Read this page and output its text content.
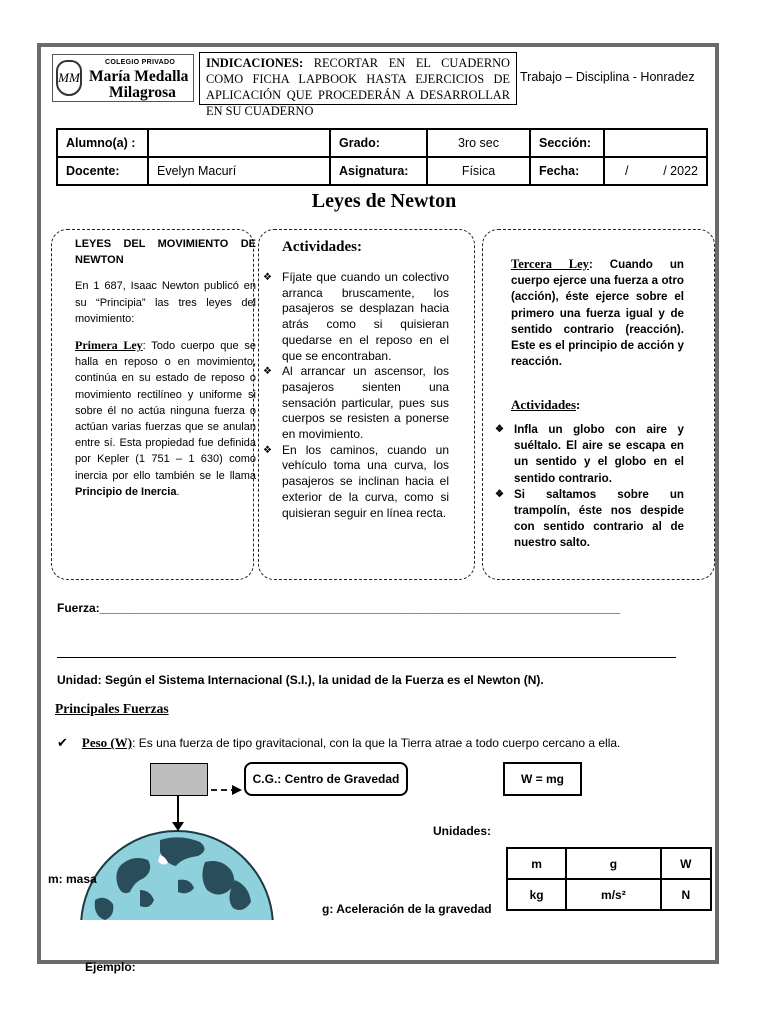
MM
COLEGIO PRIVADO
María Medalla
Milagrosa
INDICACIONES: RECORTAR EN EL CUADERNO COMO FICHA LAPBOOK HASTA EJERCICIOS DE APLICACIÓN QUE PROCEDERÁN A DESARROLLAR EN SU CUADERNO
Trabajo – Disciplina - Honradez
Alumno(a) :		Grado:	3ro sec	Sección:	
Docente:	Evelyn Macurí	Asignatura:	Física	Fecha:	/          / 2022
Leyes de Newton

LEYES DEL MOVIMIENTO DE NEWTON

En 1 687, Isaac Newton publicó en su “Principia” las tres leyes del movimiento:

Primera Ley: Todo cuerpo que se halla en reposo o en movimiento, continúa en su estado de reposo o movimiento rectilíneo y uniforme si sobre él no actúa ninguna fuerza o actúan varias fuerzas que se anulan entre sí. Esta propiedad fue definida por Kepler (1 751 – 1 630) como inercia por ello también se le llama Principio de Inercia.

Actividades:
❖ Fíjate que cuando un colectivo arranca bruscamente, los pasajeros se desplazan hacia atrás como si quisieran quedarse en el reposo en el que se encontraban.
❖ Al arrancar un ascensor, los pasajeros sienten una sensación particular, pues sus cuerpos se resisten a ponerse en movimiento.
❖ En los caminos, cuando un vehículo toma una curva, los pasajeros se inclinan hacia el exterior de la curva, como si quisieran seguir en línea recta.
Tercera Ley: Cuando un cuerpo ejerce una fuerza a otro (acción), éste ejerce sobre el primero una fuerza igual y de sentido contrario (reacción). Este es el principio de acción y reacción.
Actividades:
❖ Infla un globo con aire y suéltalo. El aire se escapa en un sentido y el globo en el sentido contrario.
❖ Si saltamos sobre un trampolín, éste nos despide con sentido contrario al de nuestro salto.
Fuerza:______________________________________________________________________________
Unidad: Según el Sistema Internacional (S.I.), la unidad de la Fuerza es el Newton (N).
Principales Fuerzas
✔ Peso (W): Es una fuerza de tipo gravitacional, con la que la Tierra atrae a todo cuerpo cercano a ella.
C.G.: Centro de Gravedad	W = mg
Unidades:
m	g	W
kg	m/s²	N
m: masa
g: Aceleración de la gravedad
Ejemplo:
